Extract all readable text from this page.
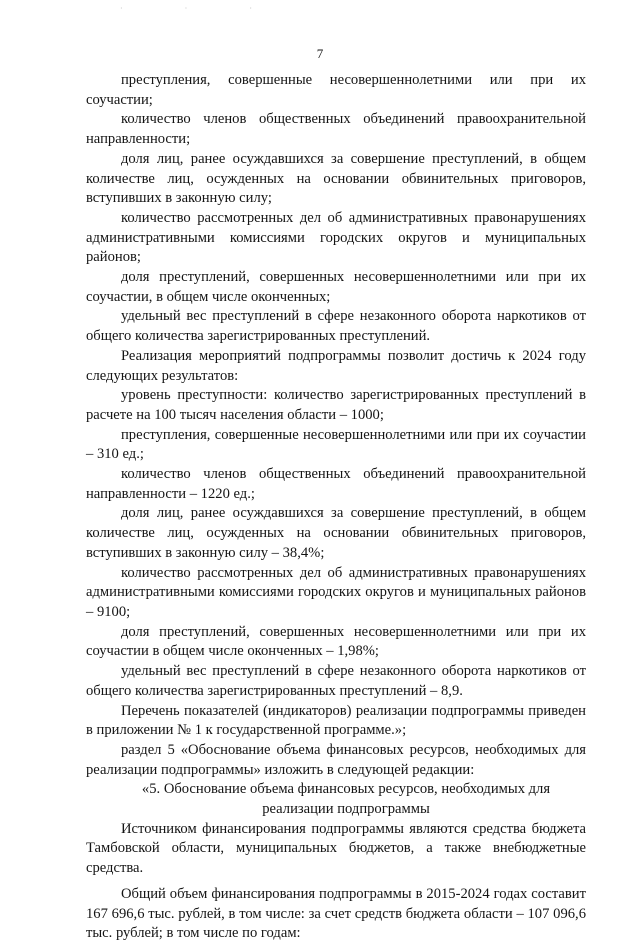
· · ·
7

преступления, совершенные несовершеннолетними или при их соучастии;

количество членов общественных объединений правоохранительной направленности;

доля лиц, ранее осуждавшихся за совершение преступлений, в общем количестве лиц, осужденных на основании обвинительных приговоров, вступивших в законную силу;

количество рассмотренных дел об административных правонарушениях административными комиссиями городских округов и муниципальных районов;

доля преступлений, совершенных несовершеннолетними или при их соучастии, в общем числе оконченных;

удельный вес преступлений в сфере незаконного оборота наркотиков от общего количества зарегистрированных преступлений.

Реализация мероприятий подпрограммы позволит достичь к 2024 году следующих результатов:

уровень преступности: количество зарегистрированных преступлений в расчете на 100 тысяч населения области – 1000;

преступления, совершенные несовершеннолетними или при их соучастии – 310 ед.;

количество членов общественных объединений правоохранительной направленности – 1220 ед.;

доля лиц, ранее осуждавшихся за совершение преступлений, в общем количестве лиц, осужденных на основании обвинительных приговоров, вступивших в законную силу – 38,4%;

количество рассмотренных дел об административных правонарушениях административными комиссиями городских округов и муниципальных районов – 9100;

доля преступлений, совершенных несовершеннолетними или при их соучастии в общем числе оконченных – 1,98%;

удельный вес преступлений в сфере незаконного оборота наркотиков от общего количества зарегистрированных преступлений – 8,9.

Перечень показателей (индикаторов) реализации подпрограммы приведен в приложении № 1 к государственной программе.»;

раздел 5 «Обоснование объема финансовых ресурсов, необходимых для реализации подпрограммы» изложить в следующей редакции:

«5. Обоснование объема финансовых ресурсов, необходимых для реализации подпрограммы

Источником финансирования подпрограммы являются средства бюджета Тамбовской области, муниципальных бюджетов, а также внебюджетные средства.

Общий объем финансирования подпрограммы в 2015-2024 годах составит 167 696,6 тыс. рублей, в том числе: за счет средств бюджета области – 107 096,6 тыс. рублей; в том числе по годам:
